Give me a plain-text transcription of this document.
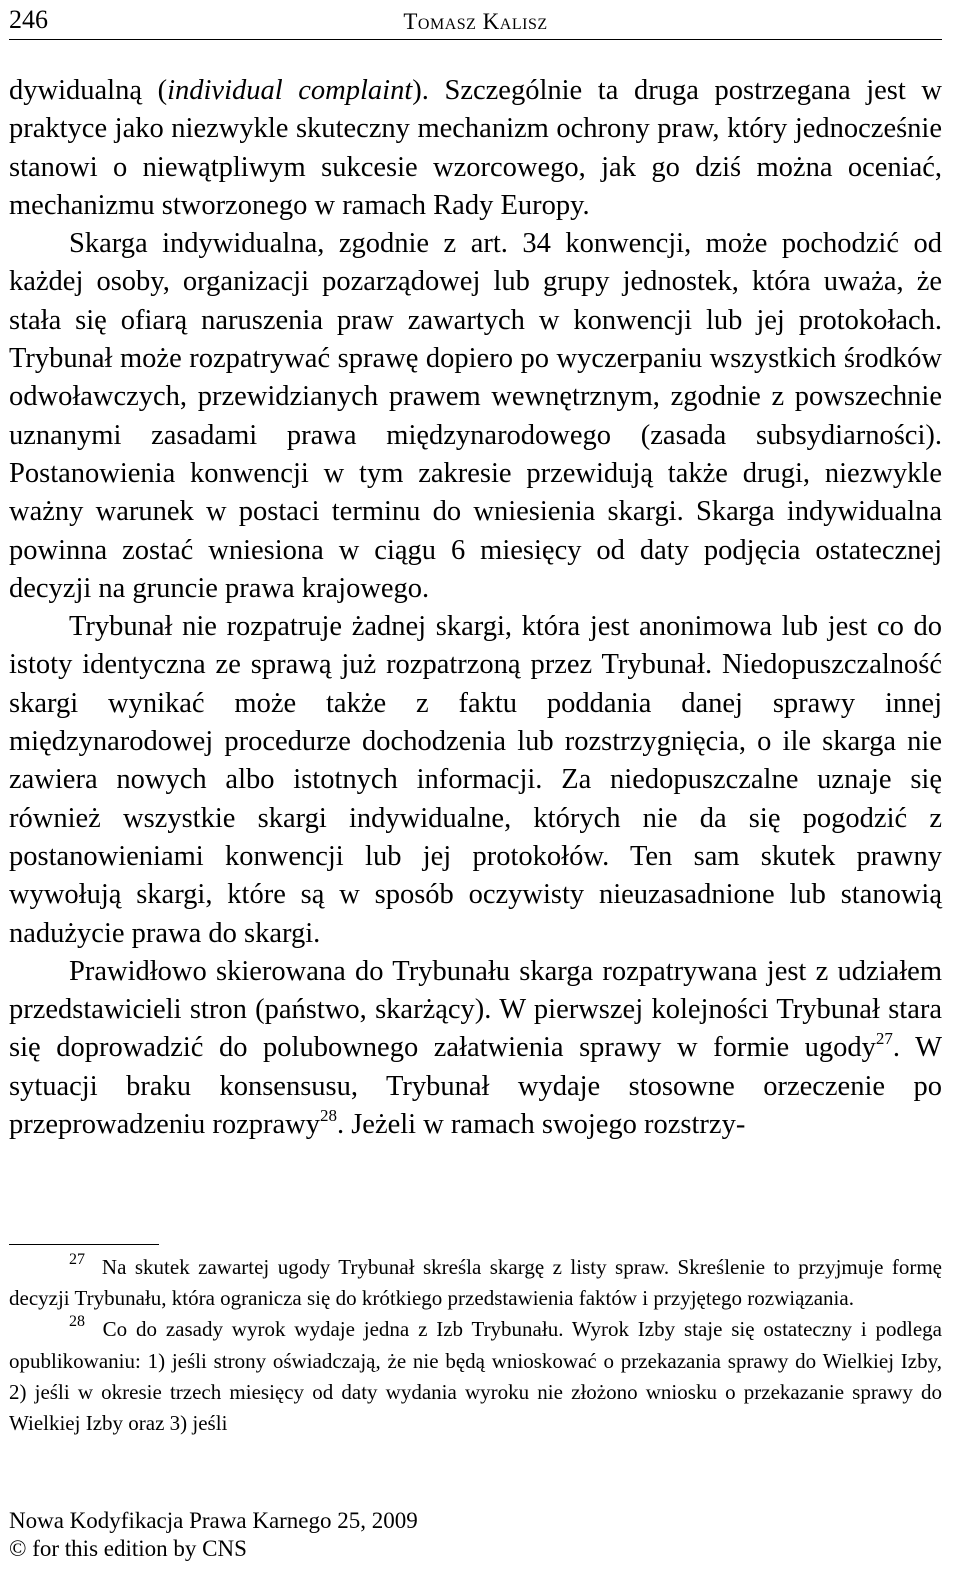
246	Tomasz Kalisz

dywidualną (individual complaint). Szczególnie ta druga postrzegana jest w praktyce jako niezwykle skuteczny mechanizm ochrony praw, który jednocześnie stanowi o niewątpliwym sukcesie wzorcowego, jak go dziś można oceniać, mechanizmu stworzonego w ramach Rady Europy.

Skarga indywidualna, zgodnie z art. 34 konwencji, może pochodzić od każdej osoby, organizacji pozarządowej lub grupy jednostek, która uważa, że stała się ofiarą naruszenia praw zawartych w konwencji lub jej protokołach. Trybunał może rozpatrywać sprawę dopiero po wyczerpaniu wszystkich środków odwoławczych, przewidzianych prawem wewnętrznym, zgodnie z powszechnie uznanymi zasadami prawa międzynarodowego (zasada subsydiarności). Postanowienia konwencji w tym zakresie przewidują także drugi, niezwykle ważny warunek w postaci terminu do wniesienia skargi. Skarga indywidualna powinna zostać wniesiona w ciągu 6 miesięcy od daty podjęcia ostatecznej decyzji na gruncie prawa krajowego.

Trybunał nie rozpatruje żadnej skargi, która jest anonimowa lub jest co do istoty identyczna ze sprawą już rozpatrzoną przez Trybunał. Niedopuszczalność skargi wynikać może także z faktu poddania danej sprawy innej międzynarodowej procedurze dochodzenia lub rozstrzygnięcia, o ile skarga nie zawiera nowych albo istotnych informacji. Za niedopuszczalne uznaje się również wszystkie skargi indywidualne, których nie da się pogodzić z postanowieniami konwencji lub jej protokołów. Ten sam skutek prawny wywołują skargi, które są w sposób oczywisty nieuzasadnione lub stanowią nadużycie prawa do skargi.

Prawidłowo skierowana do Trybunału skarga rozpatrywana jest z udziałem przedstawicieli stron (państwo, skarżący). W pierwszej kolejności Trybunał stara się doprowadzić do polubownego załatwienia sprawy w formie ugody$^{27}$. W sytuacji braku konsensusu, Trybunał wydaje stosowne orzeczenie po przeprowadzeniu rozprawy$^{28}$. Jeżeli w ramach swojego rozstrzy-

$^{27}$ Na skutek zawartej ugody Trybunał skreśla skargę z listy spraw. Skreślenie to przyjmuje formę decyzji Trybunału, która ogranicza się do krótkiego przedstawienia faktów i przyjętego rozwiązania.

$^{28}$ Co do zasady wyrok wydaje jedna z Izb Trybunału. Wyrok Izby staje się ostateczny i podlega opublikowaniu: 1) jeśli strony oświadczają, że nie będą wnioskować o przekazania sprawy do Wielkiej Izby, 2) jeśli w okresie trzech miesięcy od daty wydania wyroku nie złożono wniosku o przekazanie sprawy do Wielkiej Izby oraz 3) jeśli

Nowa Kodyfikacja Prawa Karnego 25, 2009
© for this edition by CNS
